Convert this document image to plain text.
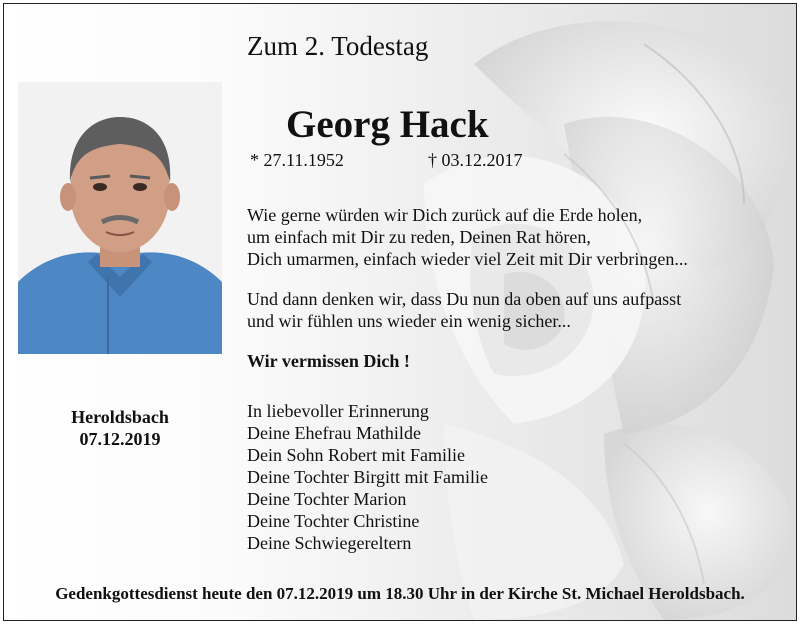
Heroldsbach
07.12.2019
Zum 2. Todestag
Georg Hack
* 27.11.1952	† 03.12.2017
Wie gerne würden wir Dich zurück auf die Erde holen,
um einfach mit Dir zu reden, Deinen Rat hören,
Dich umarmen, einfach wieder viel Zeit mit Dir verbringen...
Und dann denken wir, dass Du nun da oben auf uns aufpasst
und wir fühlen uns wieder ein wenig sicher...
Wir vermissen Dich !
In liebevoller Erinnerung
Deine Ehefrau Mathilde
Dein Sohn Robert mit Familie
Deine Tochter Birgitt mit Familie
Deine Tochter Marion
Deine Tochter Christine
Deine Schwiegereltern
Gedenkgottesdienst heute den 07.12.2019 um 18.30 Uhr in der Kirche St. Michael Heroldsbach.
